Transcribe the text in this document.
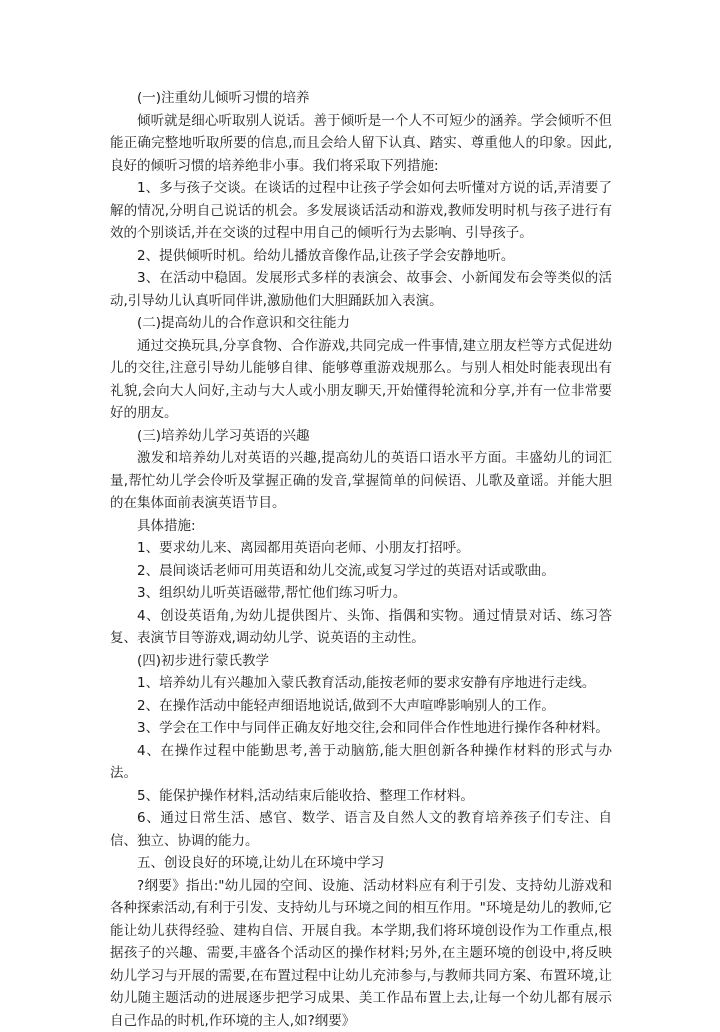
(一)注重幼儿倾听习惯的培养

倾听就是细心听取别人说话。善于倾听是一个人不可短少的涵养。学会倾听不但能正确完整地听取所要的信息,而且会给人留下认真、踏实、尊重他人的印象。因此,良好的倾听习惯的培养绝非小事。我们将采取下列措施:

1、多与孩子交谈。在谈话的过程中让孩子学会如何去听懂对方说的话,弄清要了解的情况,分明自己说话的机会。多发展谈话活动和游戏,教师发明时机与孩子进行有效的个别谈话,并在交谈的过程中用自己的倾听行为去影响、引导孩子。

2、提供倾听时机。给幼儿播放音像作品,让孩子学会安静地听。

3、在活动中稳固。发展形式多样的表演会、故事会、小新闻发布会等类似的活动,引导幼儿认真听同伴讲,激励他们大胆踊跃加入表演。

(二)提高幼儿的合作意识和交往能力

通过交换玩具,分享食物、合作游戏,共同完成一件事情,建立朋友栏等方式促进幼儿的交往,注意引导幼儿能够自律、能够尊重游戏规那么。与别人相处时能表现出有礼貌,会向大人问好,主动与大人或小朋友聊天,开始懂得轮流和分享,并有一位非常要好的朋友。

(三)培养幼儿学习英语的兴趣

激发和培养幼儿对英语的兴趣,提高幼儿的英语口语水平方面。丰盛幼儿的词汇量,帮忙幼儿学会伶听及掌握正确的发音,掌握简单的问候语、儿歌及童谣。并能大胆的在集体面前表演英语节目。

具体措施:

1、要求幼儿来、离园都用英语向老师、小朋友打招呼。

2、晨间谈话老师可用英语和幼儿交流,或复习学过的英语对话或歌曲。

3、组织幼儿听英语磁带,帮忙他们练习听力。

4、创设英语角,为幼儿提供图片、头饰、指偶和实物。通过情景对话、练习答复、表演节目等游戏,调动幼儿学、说英语的主动性。

(四)初步进行蒙氏教学

1、培养幼儿有兴趣加入蒙氏教育活动,能按老师的要求安静有序地进行走线。

2、在操作活动中能轻声细语地说话,做到不大声喧哗影响别人的工作。

3、学会在工作中与同伴正确友好地交往,会和同伴合作性地进行操作各种材料。

4、在操作过程中能勤思考,善于动脑筋,能大胆创新各种操作材料的形式与办法。

5、能保护操作材料,活动结束后能收拾、整理工作材料。

6、通过日常生活、感官、数学、语言及自然人文的教育培养孩子们专注、自信、独立、协调的能力。

五、创设良好的环境,让幼儿在环境中学习

?纲要》指出:"幼儿园的空间、设施、活动材料应有利于引发、支持幼儿游戏和各种探索活动,有利于引发、支持幼儿与环境之间的相互作用。"环境是幼儿的教师,它能让幼儿获得经验、建构自信、开展自我。本学期,我们将环境创设作为工作重点,根据孩子的兴趣、需要,丰盛各个活动区的操作材料;另外,在主题环境的创设中,将反映幼儿学习与开展的需要,在布置过程中让幼儿充沛参与,与教师共同方案、布置环境,让幼儿随主题活动的进展逐步把学习成果、美工作品布置上去,让每一个幼儿都有展示自己作品的时机,作环境的主人,如?纲要》
